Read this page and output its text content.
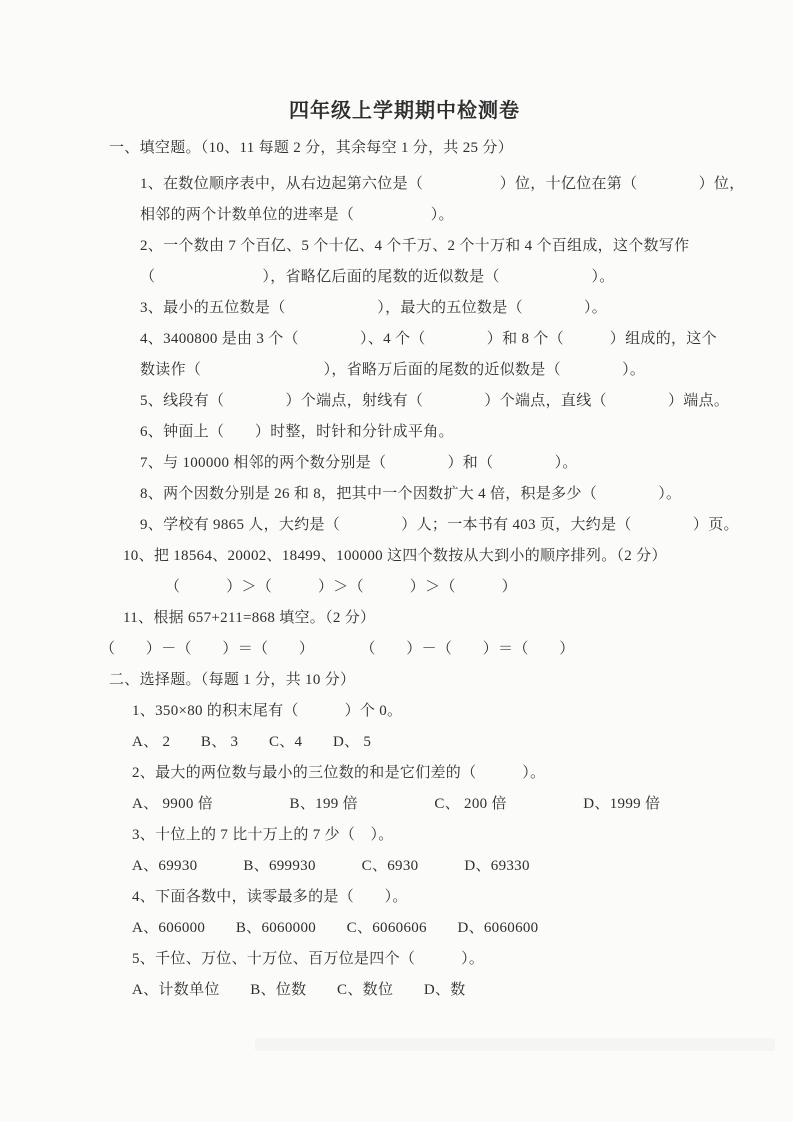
四年级上学期期中检测卷
一、填空题。（10、11 每题 2 分，其余每空 1 分，共 25 分）
1、在数位顺序表中，从右边起第六位是（　　　　　）位，十亿位在第（　　　　）位，
相邻的两个计数单位的进率是（　　　　　）。
2、一个数由 7 个百亿、5 个十亿、4 个千万、2 个十万和 4 个百组成，这个数写作
（　　　　　　　），省略亿后面的尾数的近似数是（　　　　　　）。
3、最小的五位数是（　　　　　　），最大的五位数是（　　　　）。
4、3400800 是由 3 个（　　　　）、4 个（　　　　）和 8 个（　　　）组成的，这个
数读作（　　　　　　　　），省略万后面的尾数的近似数是（　　　　）。
5、线段有（　　　　）个端点，射线有（　　　　）个端点，直线（　　　　）端点。
6、钟面上（　　）时整，时针和分针成平角。
7、与 100000 相邻的两个数分别是（　　　　）和（　　　　）。
8、两个因数分别是 26 和 8，把其中一个因数扩大 4 倍，积是多少（　　　　）。
9、学校有 9865 人，大约是（　　　　）人；一本书有 403 页，大约是（　　　　）页。
10、把 18564、20002、18499、100000 这四个数按从大到小的顺序排列。（2 分）
（　　　）＞（　　　）＞（　　　）＞（　　　）
11、根据 657+211=868 填空。（2 分）
（　　）－（　　）＝（　　）　　　　（　　）－（　　）＝（　　）
二、选择题。（每题 1 分，共 10 分）
1、350×80 的积末尾有（　　　）个 0。
A、 2　　B、 3　　C、4　　D、 5
2、最大的两位数与最小的三位数的和是它们差的（　　　）。
A、 9900 倍　　　　　B、199 倍　　　　　C、 200 倍　　　　　D、1999 倍
3、十位上的 7 比十万上的 7 少（　）。
A、69930　　　B、699930　　　C、6930　　　D、69330
4、下面各数中，读零最多的是（　　）。
A、606000　　B、6060000　　C、6060606　　D、6060600
5、千位、万位、十万位、百万位是四个（　　　）。
A、计数单位　　B、位数　　C、数位　　D、数
